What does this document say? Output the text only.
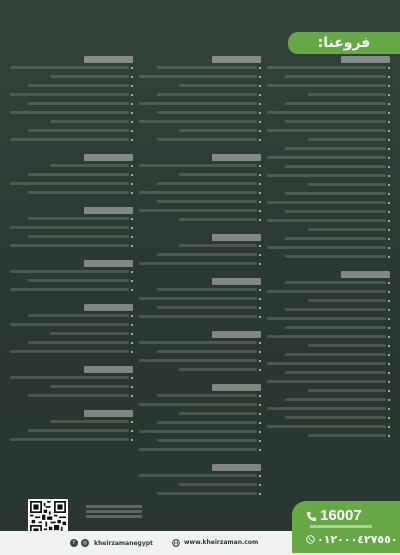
فروعنا:
f	◎	kheirzamanegypt	www.kheirzaman.com
16007
٠١٢٠٠٠٤٢٧٥٥٠
